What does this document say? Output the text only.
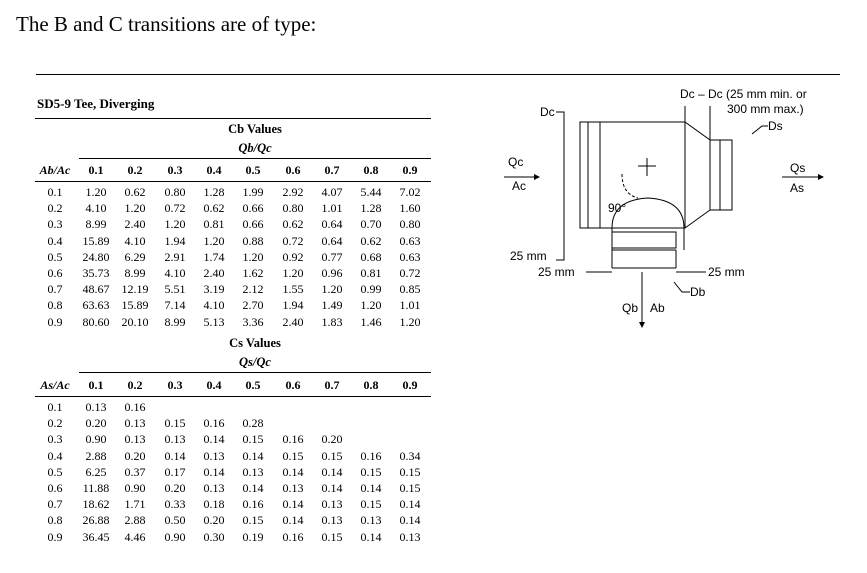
The B and C transitions are of type:
SD5-9 Tee, Diverging
Cb Values
Qb/Qc
Ab/Ac	0.1	0.2	0.3	0.4	0.5	0.6	0.7	0.8	0.9
0.1	1.20	0.62	0.80	1.28	1.99	2.92	4.07	5.44	7.02
0.2	4.10	1.20	0.72	0.62	0.66	0.80	1.01	1.28	1.60
0.3	8.99	2.40	1.20	0.81	0.66	0.62	0.64	0.70	0.80
0.4	15.89	4.10	1.94	1.20	0.88	0.72	0.64	0.62	0.63
0.5	24.80	6.29	2.91	1.74	1.20	0.92	0.77	0.68	0.63
0.6	35.73	8.99	4.10	2.40	1.62	1.20	0.96	0.81	0.72
0.7	48.67	12.19	5.51	3.19	2.12	1.55	1.20	0.99	0.85
0.8	63.63	15.89	7.14	4.10	2.70	1.94	1.49	1.20	1.01
0.9	80.60	20.10	8.99	5.13	3.36	2.40	1.83	1.46	1.20
Cs Values
Qs/Qc
As/Ac	0.1	0.2	0.3	0.4	0.5	0.6	0.7	0.8	0.9
0.1	0.13	0.16
0.2	0.20	0.13	0.15	0.16	0.28
0.3	0.90	0.13	0.13	0.14	0.15	0.16	0.20
0.4	2.88	0.20	0.14	0.13	0.14	0.15	0.15	0.16	0.34
0.5	6.25	0.37	0.17	0.14	0.13	0.14	0.14	0.15	0.15
0.6	11.88	0.90	0.20	0.13	0.14	0.13	0.14	0.14	0.15
0.7	18.62	1.71	0.33	0.18	0.16	0.14	0.13	0.15	0.14
0.8	26.88	2.88	0.50	0.20	0.15	0.14	0.13	0.13	0.14
0.9	36.45	4.46	0.90	0.30	0.19	0.16	0.15	0.14	0.13
90°
Dc
Dc – Dc (25 mm min. or
300 mm max.)
Ds
Qc
Ac
Qs
As
25 mm
25 mm	25 mm
Db
Qb Ab
